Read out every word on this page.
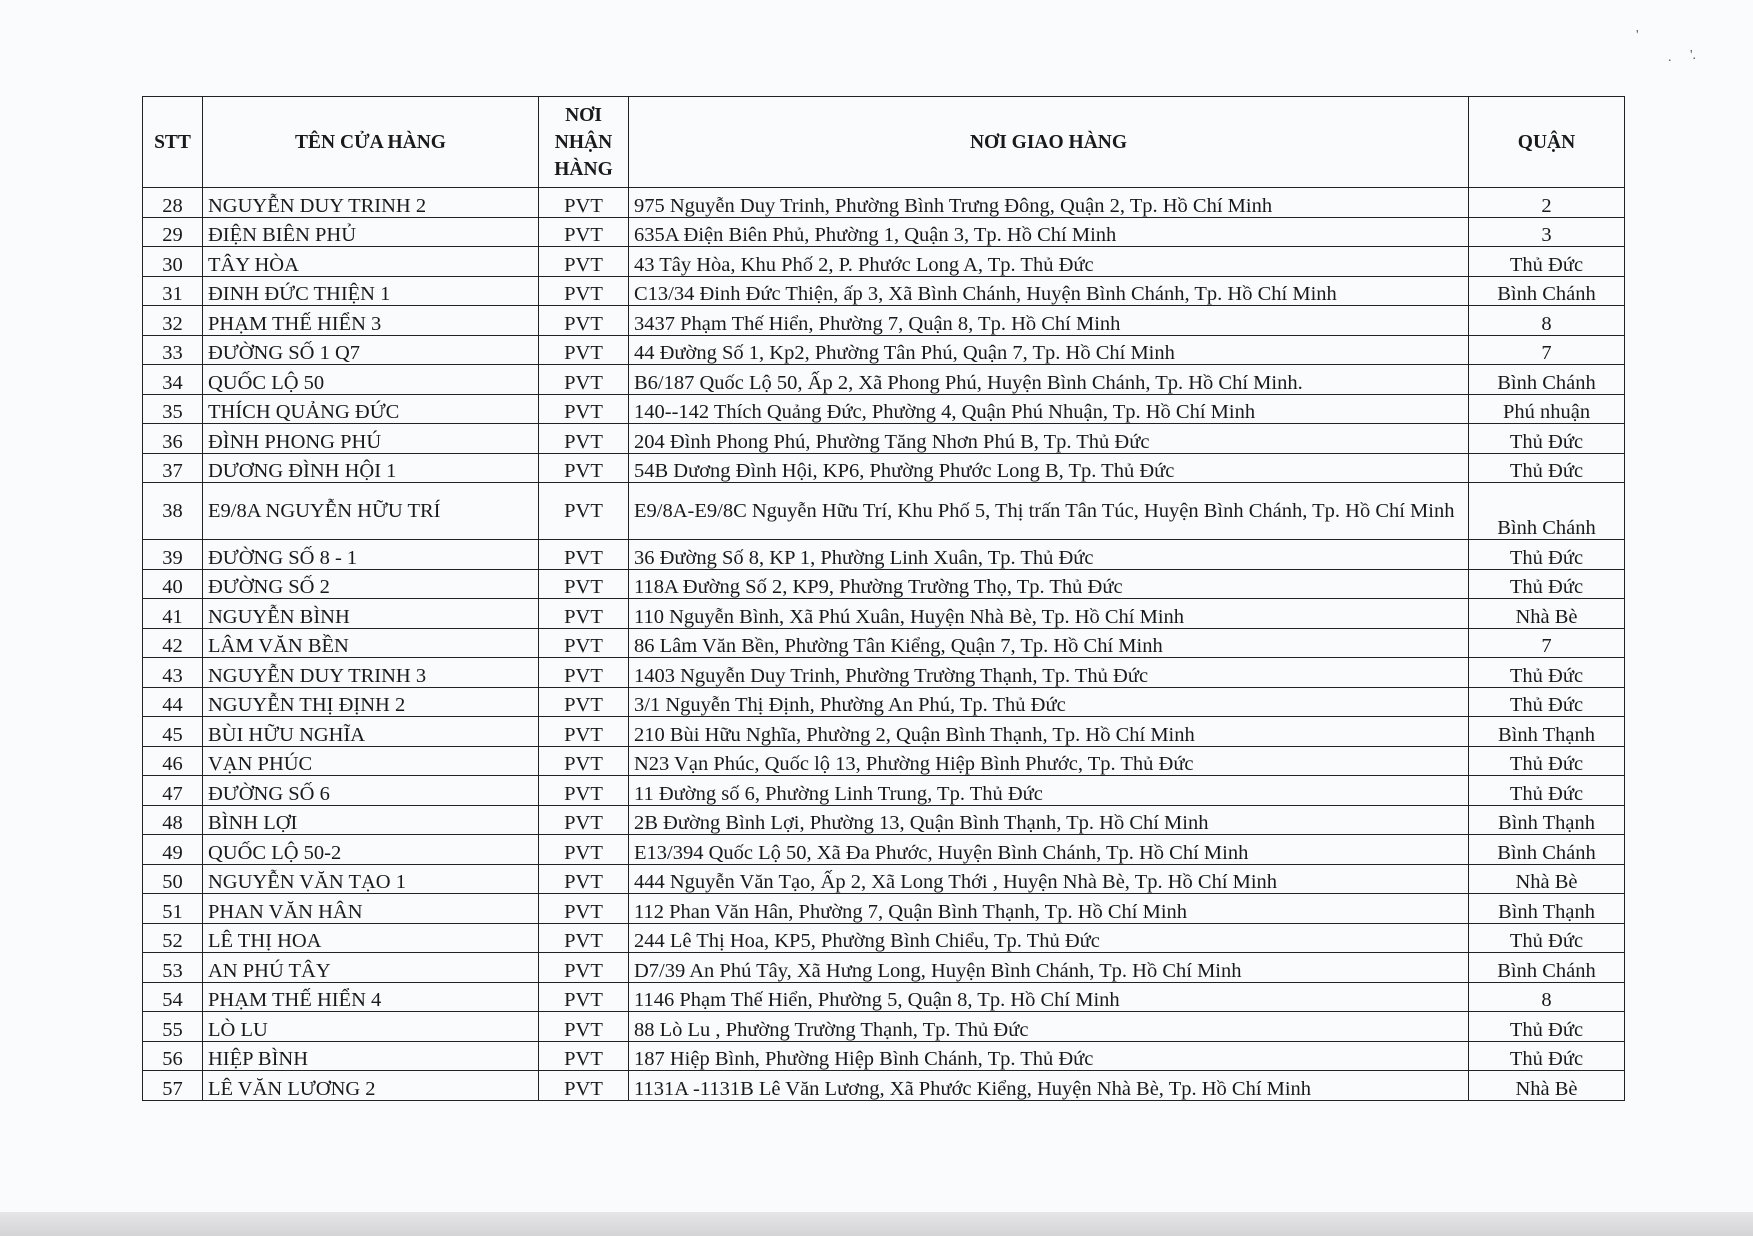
'
. '.
STT	TÊN CỬA HÀNG	NƠI NHẬN HÀNG	NƠI GIAO HÀNG	QUẬN
28	NGUYỄN DUY TRINH 2	PVT	975 Nguyễn Duy Trinh, Phường Bình Trưng Đông, Quận 2, Tp. Hồ Chí Minh	2
29	ĐIỆN BIÊN PHỦ	PVT	635A Điện Biên Phủ, Phường 1, Quận 3, Tp. Hồ Chí Minh	3
30	TÂY HÒA	PVT	43 Tây Hòa, Khu Phố 2, P. Phước Long A, Tp. Thủ Đức	Thủ Đức
31	ĐINH ĐỨC THIỆN 1	PVT	C13/34 Đinh Đức Thiện, ấp 3, Xã Bình Chánh, Huyện Bình Chánh, Tp. Hồ Chí Minh	Bình Chánh
32	PHẠM THẾ HIỂN 3	PVT	3437 Phạm Thế Hiển, Phường 7, Quận 8, Tp. Hồ Chí Minh	8
33	ĐƯỜNG SỐ 1 Q7	PVT	44 Đường Số 1, Kp2, Phường Tân Phú, Quận 7, Tp. Hồ Chí Minh	7
34	QUỐC LỘ 50	PVT	B6/187 Quốc Lộ 50, Ấp 2, Xã Phong Phú, Huyện Bình Chánh, Tp. Hồ Chí Minh.	Bình Chánh
35	THÍCH QUẢNG ĐỨC	PVT	140--142 Thích Quảng Đức, Phường 4, Quận Phú Nhuận, Tp. Hồ Chí Minh	Phú nhuận
36	ĐÌNH PHONG PHÚ	PVT	204 Đình Phong Phú, Phường Tăng Nhơn Phú B, Tp. Thủ Đức	Thủ Đức
37	DƯƠNG ĐÌNH HỘI 1	PVT	54B Dương Đình Hội, KP6, Phường Phước Long B, Tp. Thủ Đức	Thủ Đức
38	E9/8A NGUYỄN HỮU TRÍ	PVT	E9/8A-E9/8C Nguyễn Hữu Trí, Khu Phố 5, Thị trấn Tân Túc, Huyện Bình Chánh, Tp. Hồ Chí Minh	Bình Chánh
39	ĐƯỜNG SỐ 8 - 1	PVT	36 Đường Số 8, KP 1, Phường Linh Xuân, Tp. Thủ Đức	Thủ Đức
40	ĐƯỜNG SỐ 2	PVT	118A Đường Số 2, KP9, Phường Trường Thọ, Tp. Thủ Đức	Thủ Đức
41	NGUYỄN BÌNH	PVT	110 Nguyễn Bình, Xã Phú Xuân, Huyện Nhà Bè, Tp. Hồ Chí Minh	Nhà Bè
42	LÂM VĂN BỀN	PVT	86 Lâm Văn Bền, Phường Tân Kiểng, Quận 7, Tp. Hồ Chí Minh	7
43	NGUYỄN DUY TRINH 3	PVT	1403 Nguyễn Duy Trinh, Phường Trường Thạnh, Tp. Thủ Đức	Thủ Đức
44	NGUYỄN THỊ ĐỊNH 2	PVT	3/1 Nguyễn Thị Định, Phường An Phú, Tp. Thủ Đức	Thủ Đức
45	BÙI HỮU NGHĨA	PVT	210 Bùi Hữu Nghĩa, Phường 2, Quận Bình Thạnh, Tp. Hồ Chí Minh	Bình Thạnh
46	VẠN PHÚC	PVT	N23 Vạn Phúc, Quốc lộ 13, Phường Hiệp Bình Phước, Tp. Thủ Đức	Thủ Đức
47	ĐƯỜNG SỐ 6	PVT	11 Đường số 6, Phường Linh Trung, Tp. Thủ Đức	Thủ Đức
48	BÌNH LỢI	PVT	2B Đường Bình Lợi, Phường 13, Quận Bình Thạnh, Tp. Hồ Chí Minh	Bình Thạnh
49	QUỐC LỘ 50-2	PVT	E13/394 Quốc Lộ 50, Xã Đa Phước, Huyện Bình Chánh, Tp. Hồ Chí Minh	Bình Chánh
50	NGUYỄN VĂN TẠO 1	PVT	444 Nguyễn Văn Tạo, Ấp 2, Xã Long Thới , Huyện Nhà Bè, Tp. Hồ Chí Minh	Nhà Bè
51	PHAN VĂN HÂN	PVT	112 Phan Văn Hân, Phường 7, Quận Bình Thạnh, Tp. Hồ Chí Minh	Bình Thạnh
52	LÊ THỊ HOA	PVT	244 Lê Thị Hoa, KP5, Phường Bình Chiểu, Tp. Thủ Đức	Thủ Đức
53	AN PHÚ TÂY	PVT	D7/39 An Phú Tây, Xã Hưng Long, Huyện Bình Chánh, Tp. Hồ Chí Minh	Bình Chánh
54	PHẠM THẾ HIỂN 4	PVT	1146 Phạm Thế Hiển, Phường 5, Quận 8, Tp. Hồ Chí Minh	8
55	LÒ LU	PVT	88 Lò Lu , Phường Trường Thạnh, Tp. Thủ Đức	Thủ Đức
56	HIỆP BÌNH	PVT	187 Hiệp Bình, Phường Hiệp Bình Chánh, Tp. Thủ Đức	Thủ Đức
57	LÊ VĂN LƯƠNG 2	PVT	1131A -1131B Lê Văn Lương, Xã Phước Kiểng, Huyện Nhà Bè, Tp. Hồ Chí Minh	Nhà Bè
